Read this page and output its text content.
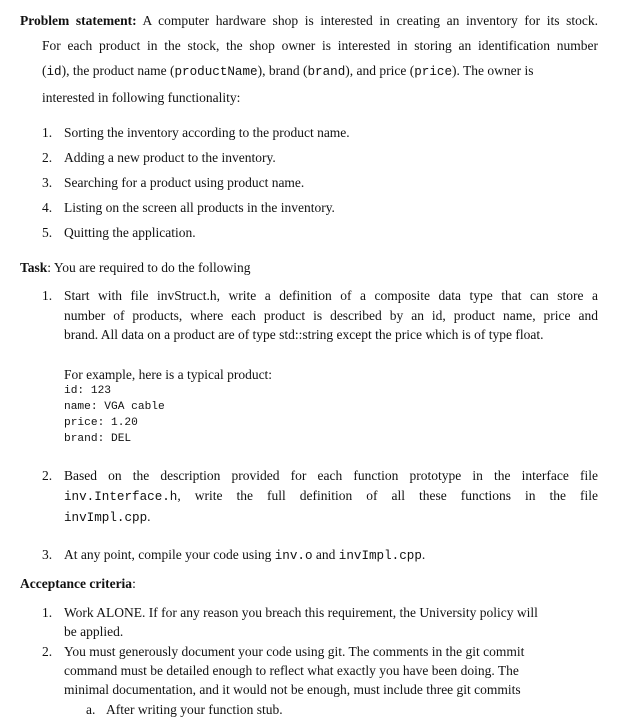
Problem statement: A computer hardware shop is interested in creating an inventory for its stock.
For each product in the stock, the shop owner is interested in storing an identification number
(id), the product name (productName), brand (brand), and price (price). The owner is
interested in following functionality:
1. Sorting the inventory according to the product name.
2. Adding a new product to the inventory.
3. Searching for a product using product name.
4. Listing on the screen all products in the inventory.
5. Quitting the application.
Task: You are required to do the following
1. Start with file invStruct.h, write a definition of a composite data type that can store a
number of products, where each product is described by an id, product name, price and
brand. All data on a product are of type std::string except the price which is of type float.
For example, here is a typical product:
id: 123
name: VGA cable
price: 1.20
brand: DEL
2. Based on the description provided for each function prototype in the interface file
inv.Interface.h, write the full definition of all these functions in the file
invImpl.cpp.
3. At any point, compile your code using inv.o and invImpl.cpp.
Acceptance criteria:
1. Work ALONE. If for any reason you breach this requirement, the University policy will
be applied.
2. You must generously document your code using git. The comments in the git commit
command must be detailed enough to reflect what exactly you have been doing. The
minimal documentation, and it would not be enough, must include three git commits
a. After writing your function stub.
